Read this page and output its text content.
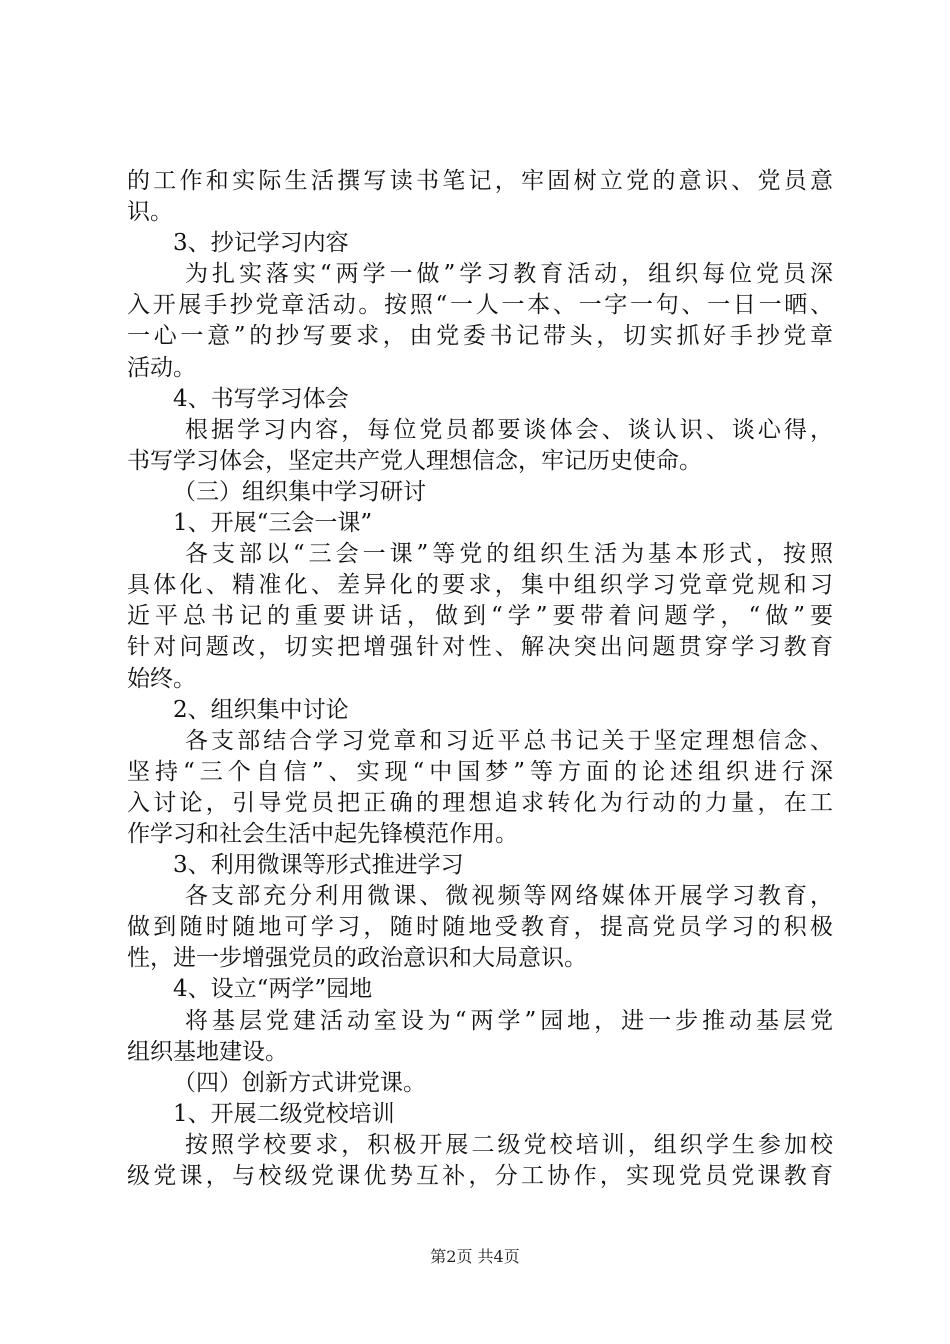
的工作和实际生活撰写读书笔记，牢固树立党的意识、党员意
识。
3、抄记学习内容
为扎实落实“两学一做”学习教育活动，组织每位党员深
入开展手抄党章活动。按照“一人一本、一字一句、一日一晒、
一心一意”的抄写要求，由党委书记带头，切实抓好手抄党章
活动。
4、书写学习体会
根据学习内容，每位党员都要谈体会、谈认识、谈心得，
书写学习体会，坚定共产党人理想信念，牢记历史使命。
（三）组织集中学习研讨
1、开展“三会一课”
各支部以“三会一课”等党的组织生活为基本形式，按照
具体化、精准化、差异化的要求，集中组织学习党章党规和习
近平总书记的重要讲话，做到“学”要带着问题学，“做”要
针对问题改，切实把增强针对性、解决突出问题贯穿学习教育
始终。
2、组织集中讨论
各支部结合学习党章和习近平总书记关于坚定理想信念、
坚持“三个自信”、实现“中国梦”等方面的论述组织进行深
入讨论，引导党员把正确的理想追求转化为行动的力量，在工
作学习和社会生活中起先锋模范作用。
3、利用微课等形式推进学习
各支部充分利用微课、微视频等网络媒体开展学习教育，
做到随时随地可学习，随时随地受教育，提高党员学习的积极
性，进一步增强党员的政治意识和大局意识。
4、设立“两学”园地
将基层党建活动室设为“两学”园地，进一步推动基层党
组织基地建设。
（四）创新方式讲党课。
1、开展二级党校培训
按照学校要求，积极开展二级党校培训，组织学生参加校
级党课，与校级党课优势互补，分工协作，实现党员党课教育
第2页 共4页
